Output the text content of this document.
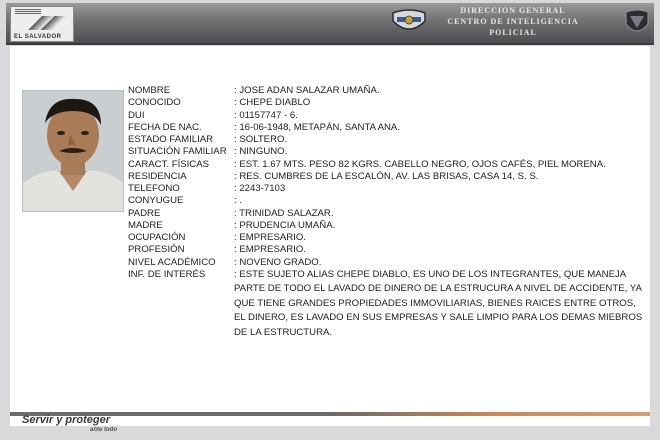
EL SALVADOR
DIRECCION GENERAL
CENTRO DE INTELIGENCIA
POLICIAL
NOMBRE	: JOSE ADAN SALAZAR UMAÑA.
CONOCIDO	: CHEPE DIABLO
DUI	: 01157747 - 6.
FECHA DE NAC.	: 16-06-1948, METAPÁN, SANTA ANA.
ESTADO FAMILIAR	: SOLTERO.
SITUACIÓN FAMILIAR : NINGUNO.
CARACT. FÍSICAS	: EST. 1.67 MTS. PESO 82 KGRS. CABELLO NEGRO, OJOS CAFÉS, PIEL MORENA.
RESIDENCIA	: RES. CUMBRES DE LA ESCALÓN, AV. LAS BRISAS, CASA 14, S. S.
TELEFONO	: 2243-7103
CONYUGUE	: .
PADRE	: TRINIDAD SALAZAR.
MADRE	: PRUDENCIA UMAÑA.
OCUPACIÓN	: EMPRESARIO.
PROFESIÓN	: EMPRESARIO.
NIVEL ACADÉMICO	: NOVENO GRADO.
INF. DE INTERÉS	: ESTE SUJETO ALIAS CHEPE DIABLO, ES UNO DE LOS INTEGRANTES, QUE MANEJA PARTE DE TODO EL LAVADO DE DINERO DE LA ESTRUCURA A NIVEL DE ACCIDENTE, YA QUE TIENE GRANDES PROPIEDADES IMMOVILIARIAS, BIENES RAICES ENTRE OTROS, EL DINERO, ES LAVADO EN SUS EMPRESAS Y SALE LIMPIO PARA LOS DEMAS MIEBROS DE LA ESTRUCTURA.
Servir y proteger
ante todo
